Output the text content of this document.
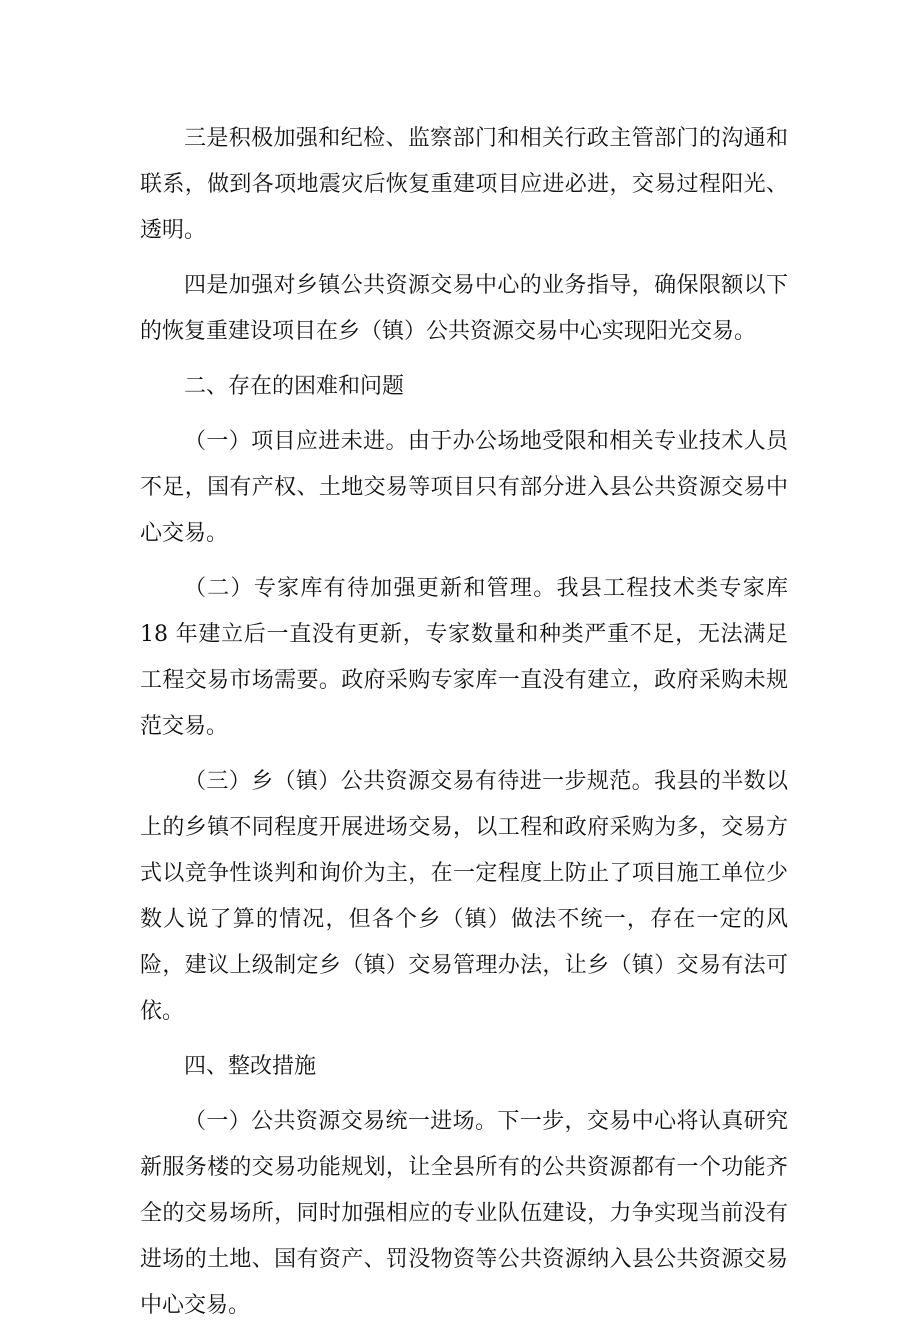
三是积极加强和纪检、监察部门和相关行政主管部门的沟通和联系，做到各项地震灾后恢复重建项目应进必进，交易过程阳光、透明。

四是加强对乡镇公共资源交易中心的业务指导，确保限额以下的恢复重建设项目在乡（镇）公共资源交易中心实现阳光交易。

二、存在的困难和问题

（一）项目应进未进。由于办公场地受限和相关专业技术人员不足，国有产权、土地交易等项目只有部分进入县公共资源交易中心交易。

（二）专家库有待加强更新和管理。我县工程技术类专家库 18 年建立后一直没有更新，专家数量和种类严重不足，无法满足工程交易市场需要。政府采购专家库一直没有建立，政府采购未规范交易。

（三）乡（镇）公共资源交易有待进一步规范。我县的半数以上的乡镇不同程度开展进场交易，以工程和政府采购为多，交易方式以竞争性谈判和询价为主，在一定程度上防止了项目施工单位少数人说了算的情况，但各个乡（镇）做法不统一，存在一定的风险，建议上级制定乡（镇）交易管理办法，让乡（镇）交易有法可依。

四、整改措施

（一）公共资源交易统一进场。下一步，交易中心将认真研究新服务楼的交易功能规划，让全县所有的公共资源都有一个功能齐全的交易场所，同时加强相应的专业队伍建设，力争实现当前没有进场的土地、国有资产、罚没物资等公共资源纳入县公共资源交易中心交易。
